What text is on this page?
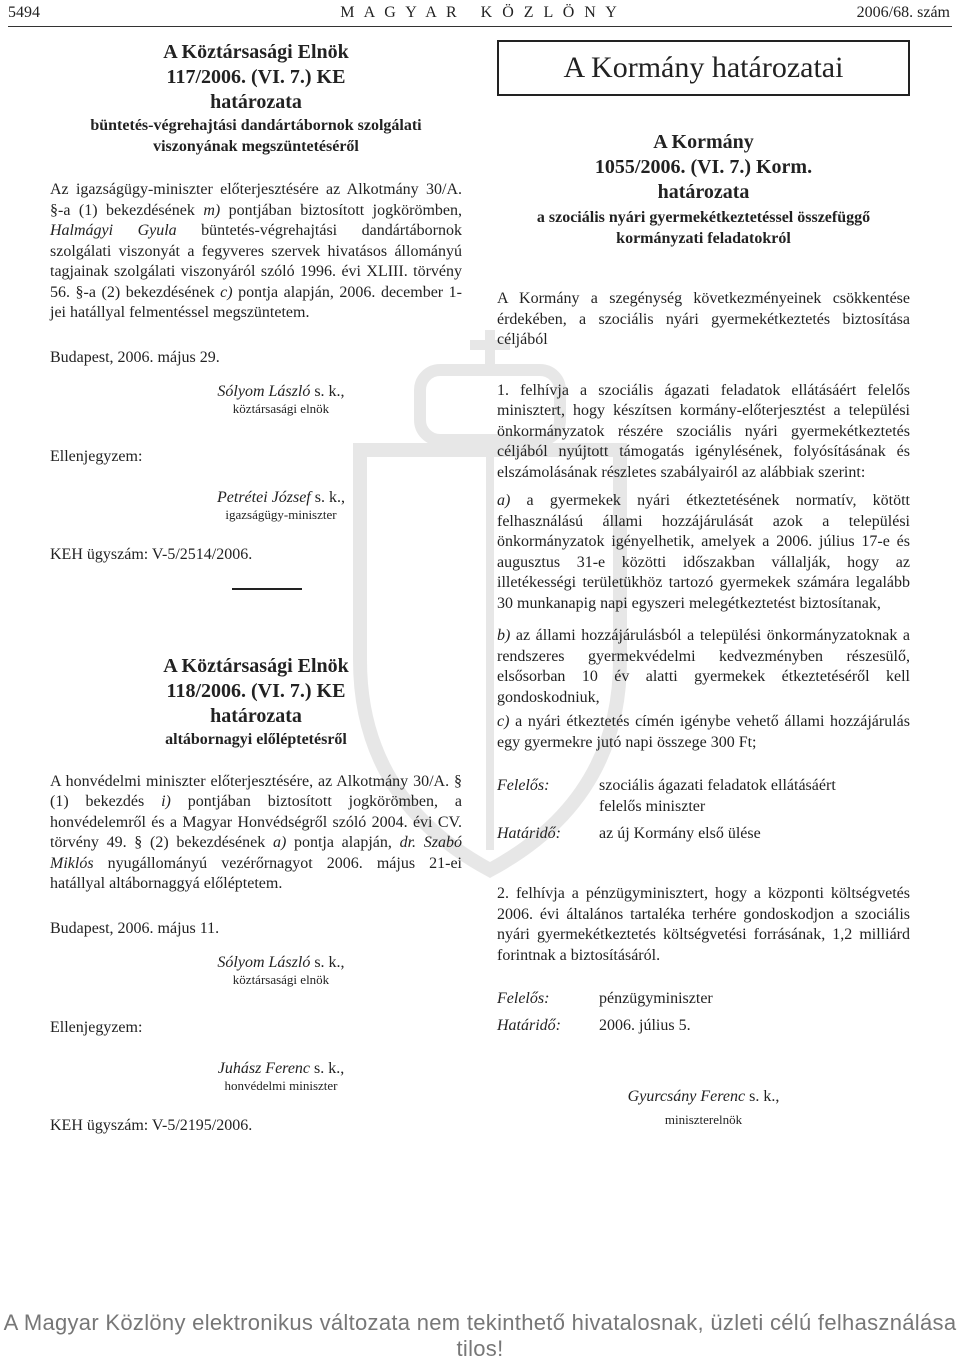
5494	M A G Y A R   K Ö Z L Ö N Y	2006/68. szám

A Köztársasági Elnök

117/2006. (VI. 7.) KE

határozata

büntetés-végrehajtási dandártábornok szolgálati

viszonyának megszüntetéséről

Az igazságügy-miniszter előterjesztésére az Alkotmány 30/A. §-a (1) bekezdésének m) pontjában biztosított jogkörömben, Halmágyi Gyula büntetés-végrehajtási dandártábornok szolgálati viszonyát a fegyveres szervek hivatásos állományú tagjainak szolgálati viszonyáról szóló 1996. évi XLIII. törvény 56. §-a (2) bekezdésének c) pontja alapján, 2006. december 1-jei hatállyal felmentéssel megszüntetem.

Budapest, 2006. május 29.

Sólyom László s. k.,
köztársasági elnök

Ellenjegyzem:

Petrétei József s. k.,
igazságügy-miniszter

KEH ügyszám: V-5/2514/2006.

A Köztársasági Elnök

118/2006. (VI. 7.) KE

határozata

altábornagyi előléptetésről

A honvédelmi miniszter előterjesztésére, az Alkotmány 30/A. § (1) bekezdés i) pontjában biztosított jogkörömben, a honvédelemről és a Magyar Honvédségről szóló 2004. évi CV. törvény 49. § (2) bekezdésének a) pontja alapján, dr. Szabó Miklós nyugállományú vezérőrnagyot 2006. május 21-ei hatállyal altábornaggyá előléptetem.

Budapest, 2006. május 11.

Sólyom László s. k.,
köztársasági elnök

Ellenjegyzem:

Juhász Ferenc s. k.,
honvédelmi miniszter

KEH ügyszám: V-5/2195/2006.

A Kormány határozatai

A Kormány

1055/2006. (VI. 7.) Korm.

határozata

a szociális nyári gyermekétkeztetéssel összefüggő

kormányzati feladatokról

A Kormány a szegénység következményeinek csökkentése érdekében, a szociális nyári gyermekétkeztetés biztosítása céljából

1. felhívja a szociális ágazati feladatok ellátásáért felelős minisztert, hogy készítsen kormány-előterjesztést a települési önkormányzatok részére szociális nyári gyermekétkeztetés céljából nyújtott támogatás igénylésének, folyósításának és elszámolásának részletes szabályairól az alábbiak szerint:

a) a gyermekek nyári étkeztetésének normatív, kötött felhasználású állami hozzájárulását azok a települési önkormányzatok igényelhetik, amelyek a 2006. július 17-e és augusztus 31-e közötti időszakban vállalják, hogy az illetékességi területükhöz tartozó gyermekek számára legalább 30 munkanapig napi egyszeri melegétkeztetést biztosítanak,

b) az állami hozzájárulásból a települési önkormányzatoknak a rendszeres gyermekvédelmi kedvezményben részesülő, elsősorban 10 év alatti gyermekek étkeztetéséről kell gondoskodniuk,

c) a nyári étkeztetés címén igénybe vehető állami hozzájárulás egy gyermekre jutó napi összege 300 Ft;

Felelős:	szociális ágazati feladatok ellátásáért
felelős miniszter
Határidő: az új Kormány első ülése

2. felhívja a pénzügyminisztert, hogy a központi költségvetés 2006. évi általános tartaléka terhére gondoskodjon a szociális nyári gyermekétkeztetés költségvetési forrásának, 1,2 milliárd forintnak a biztosításáról.

Felelős:	pénzügyminiszter
Határidő: 2006. július 5.
Gyurcsány Ferenc s. k.,
miniszterelnök
A Magyar Közlöny elektronikus változata nem tekinthető hivatalosnak, üzleti célú felhasználása tilos!
